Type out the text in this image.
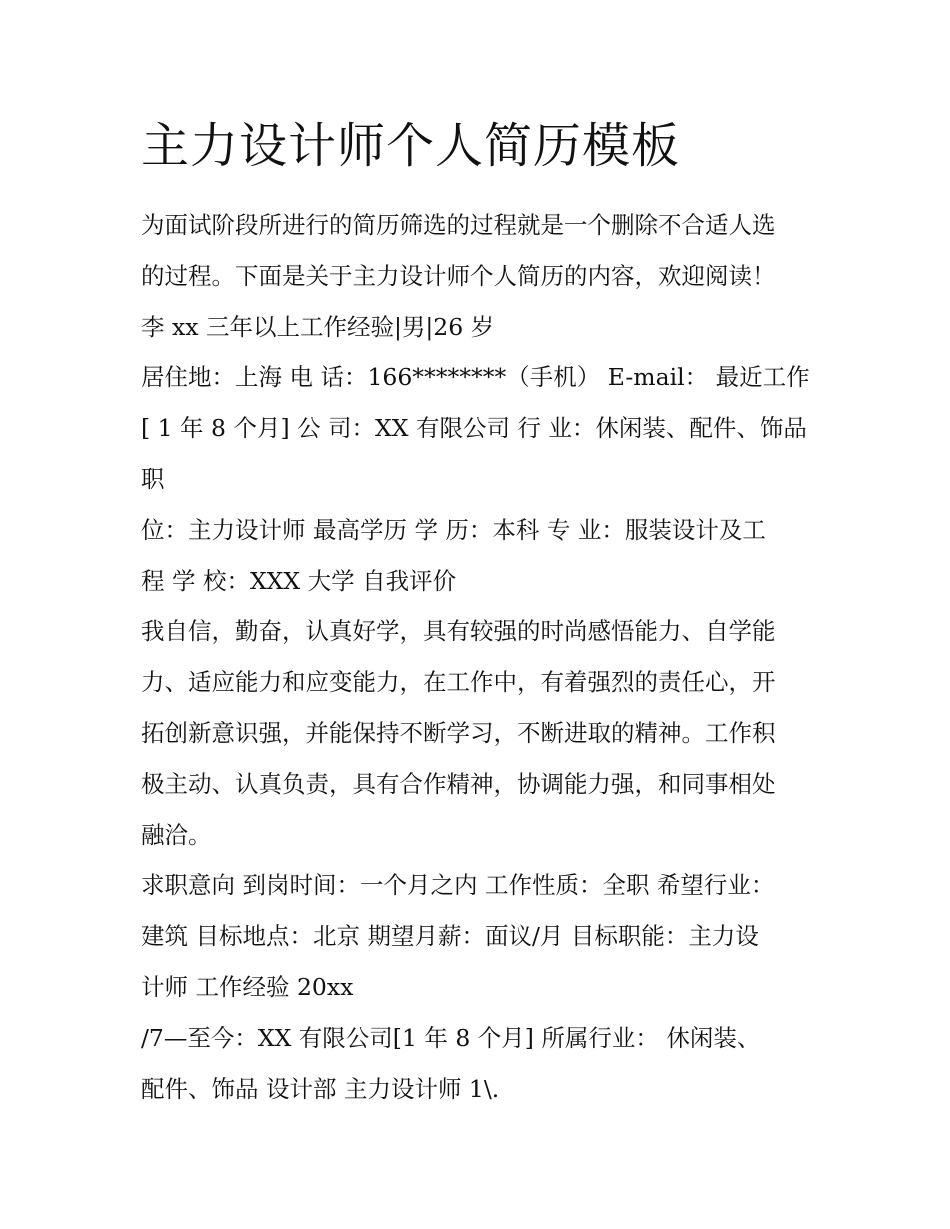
主力设计师个人简历模板
为面试阶段所进行的简历筛选的过程就是一个删除不合适人选
的过程。下面是关于主力设计师个人简历的内容，欢迎阅读！
李 xx 三年以上工作经验|男|26 岁
居住地：上海 电 话：166********（手机） E-mail： 最近工作
[ 1 年 8 个月] 公 司：XX 有限公司 行 业：休闲装、配件、饰品
职
位：主力设计师 最高学历 学 历：本科 专 业：服装设计及工
程 学 校：XXX 大学 自我评价
我自信，勤奋，认真好学，具有较强的时尚感悟能力、自学能
力、适应能力和应变能力，在工作中，有着强烈的责任心，开
拓创新意识强，并能保持不断学习，不断进取的精神。工作积
极主动、认真负责，具有合作精神，协调能力强，和同事相处
融洽。
求职意向 到岗时间：一个月之内 工作性质：全职 希望行业：
建筑 目标地点：北京 期望月薪：面议/月 目标职能：主力设
计师 工作经验 20xx
/7—至今：XX 有限公司[1 年 8 个月] 所属行业： 休闲装、
配件、饰品 设计部 主力设计师 1\.
